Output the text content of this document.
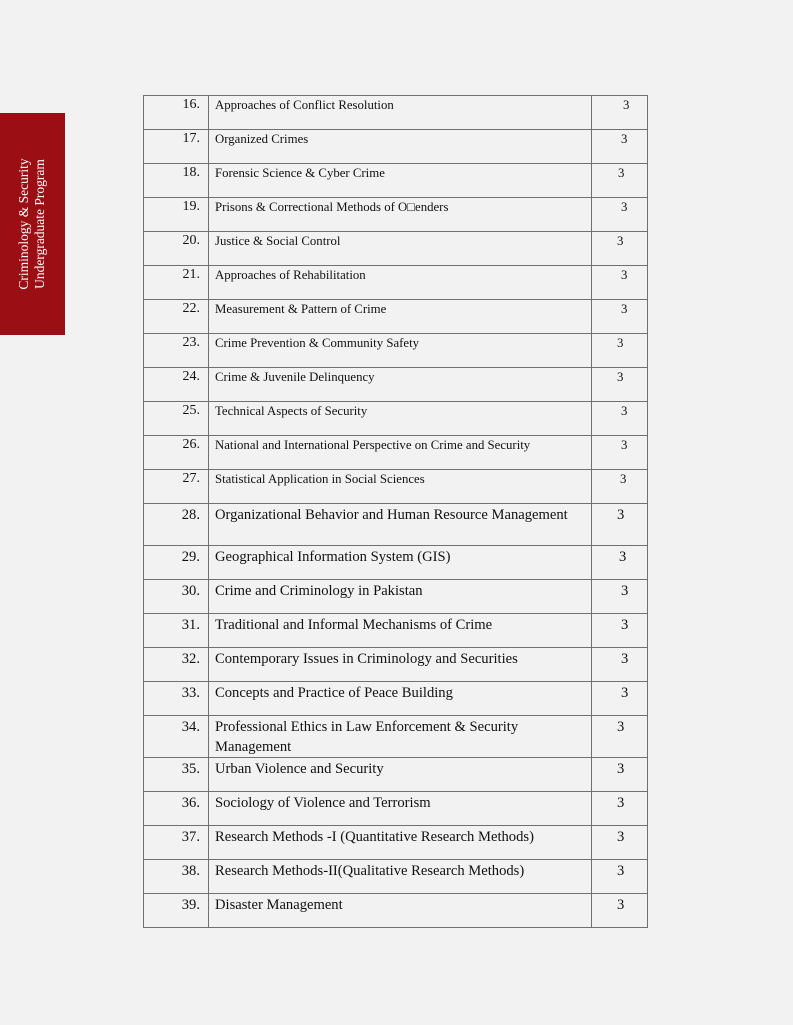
Criminology & Security Undergraduate Program
16.	Approaches of Conflict Resolution	3
17.	Organized Crimes	3
18.	Forensic Science & Cyber Crime	3
19.	Prisons & Correctional Methods of O□enders	3
20.	Justice & Social Control	3
21.	Approaches of Rehabilitation	3
22.	Measurement & Pattern of Crime	3
23.	Crime Prevention & Community Safety	3
24.	Crime & Juvenile Delinquency	3
25.	Technical Aspects of Security	3
26.	National and International Perspective on Crime and Security	3
27.	Statistical Application in Social Sciences	3
28.	Organizational Behavior and Human Resource Management	3
29.	Geographical Information System (GIS)	3
30.	Crime and Criminology in Pakistan	3
31.	Traditional and Informal Mechanisms of Crime	3
32.	Contemporary Issues in Criminology and Securities	3
33.	Concepts and Practice of Peace Building	3
34.	Professional Ethics in Law Enforcement & Security Management	3
35.	Urban Violence and Security	3
36.	Sociology of Violence and Terrorism	3
37.	Research Methods -I (Quantitative Research Methods)	3
38.	Research Methods-II(Qualitative Research Methods)	3
39.	Disaster Management	3
